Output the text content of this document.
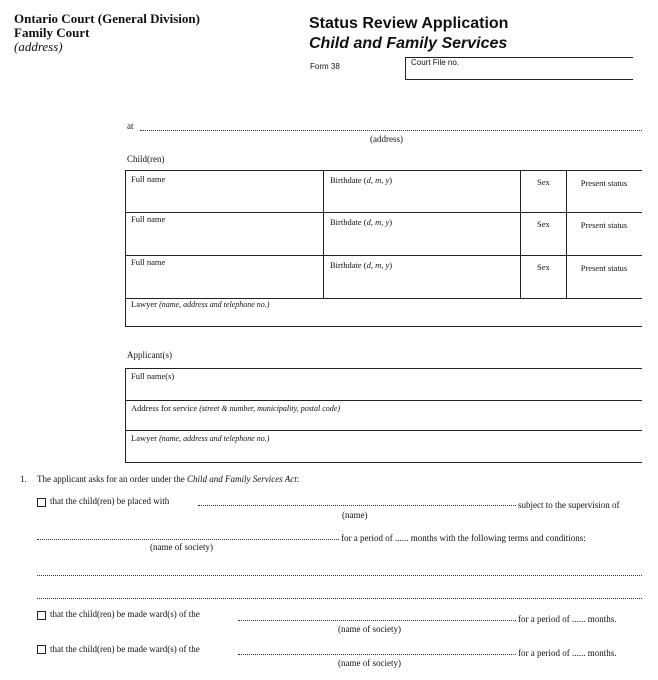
Ontario Court (General Division)
Family Court
(address)
Status Review Application
Child and Family Services
Form 38	Court File no.
at
(address)
Child(ren)
Full name	Birthdate (d, m, y)	Sex	Present status
Full name	Birthdate (d, m, y)	Sex	Present status
Full name	Birthdate (d, m, y)	Sex	Present status
Lawyer (name, address and telephone no.)
Applicant(s)
Full name(s)
Address for service (street & number, municipality, postal code)
Lawyer (name, address and telephone no.)
1. The applicant asks for an order under the Child and Family Services Act:
that the child(ren) be placed with	subject to the supervision of
(name)
for a period of ...... months with the following terms and conditions:
(name of society)
that the child(ren) be made ward(s) of the	for a period of ...... months.
(name of society)
that the child(ren) be made ward(s) of the	for a period of ...... months.
(name of society)
